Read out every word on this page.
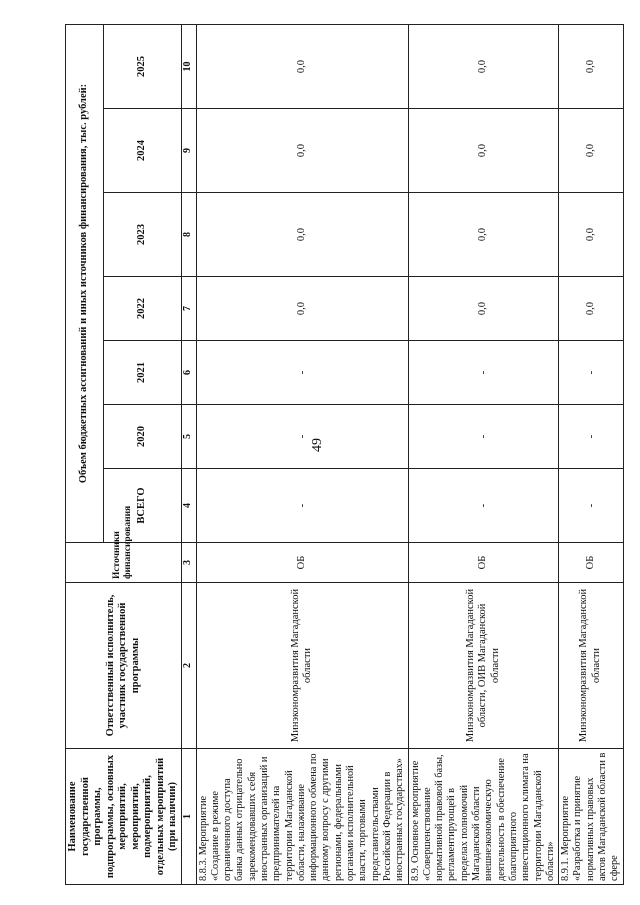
49
Наименование государственной программы, подпрограммы, основных мероприятий, мероприятий, подмероприятий, отдельных мероприятий (при наличии)	Ответственный исполнитель, участник государственной программы	Источники финансирования	Объем бюджетных ассигнований и иных источников финансирования, тыс. рублей:						
			ВСЕГО	2020	2021	2022	2023	2024	2025
1	2	3	4	5	6	7	8	9	10
8.8.3. Мероприятие «Создание в режиме ограниченного доступа банка данных отрицательно зарекомендовавших себя иностранных организаций и предпринимателей на территории Магаданской области, налаживание информационного обмена по данному вопросу с другими регионами, федеральными органами исполнительной власти, торговыми представительствами Российской Федерации в иностранных государствах»	Минэкономразвития Магаданской области	ОБ	-	-	-	0,0	0,0	0,0	0,0
8.9. Основное мероприятие «Совершенствование нормативной правовой базы, регламентирующей в пределах полномочий Магаданской области внешнеэкономическую деятельность в обеспечение благоприятного инвестиционного климата на территории Магаданской области»	Минэкономразвития Магаданской области, ОИВ Магаданской области	ОБ	-	-	-	0,0	0,0	0,0	0,0
8.9.1. Мероприятие «Разработка и принятие нормативных правовых актов Магаданской области в сфере	Минэкономразвития Магаданской области	ОБ	-	-	-	0,0	0,0	0,0	0,0
